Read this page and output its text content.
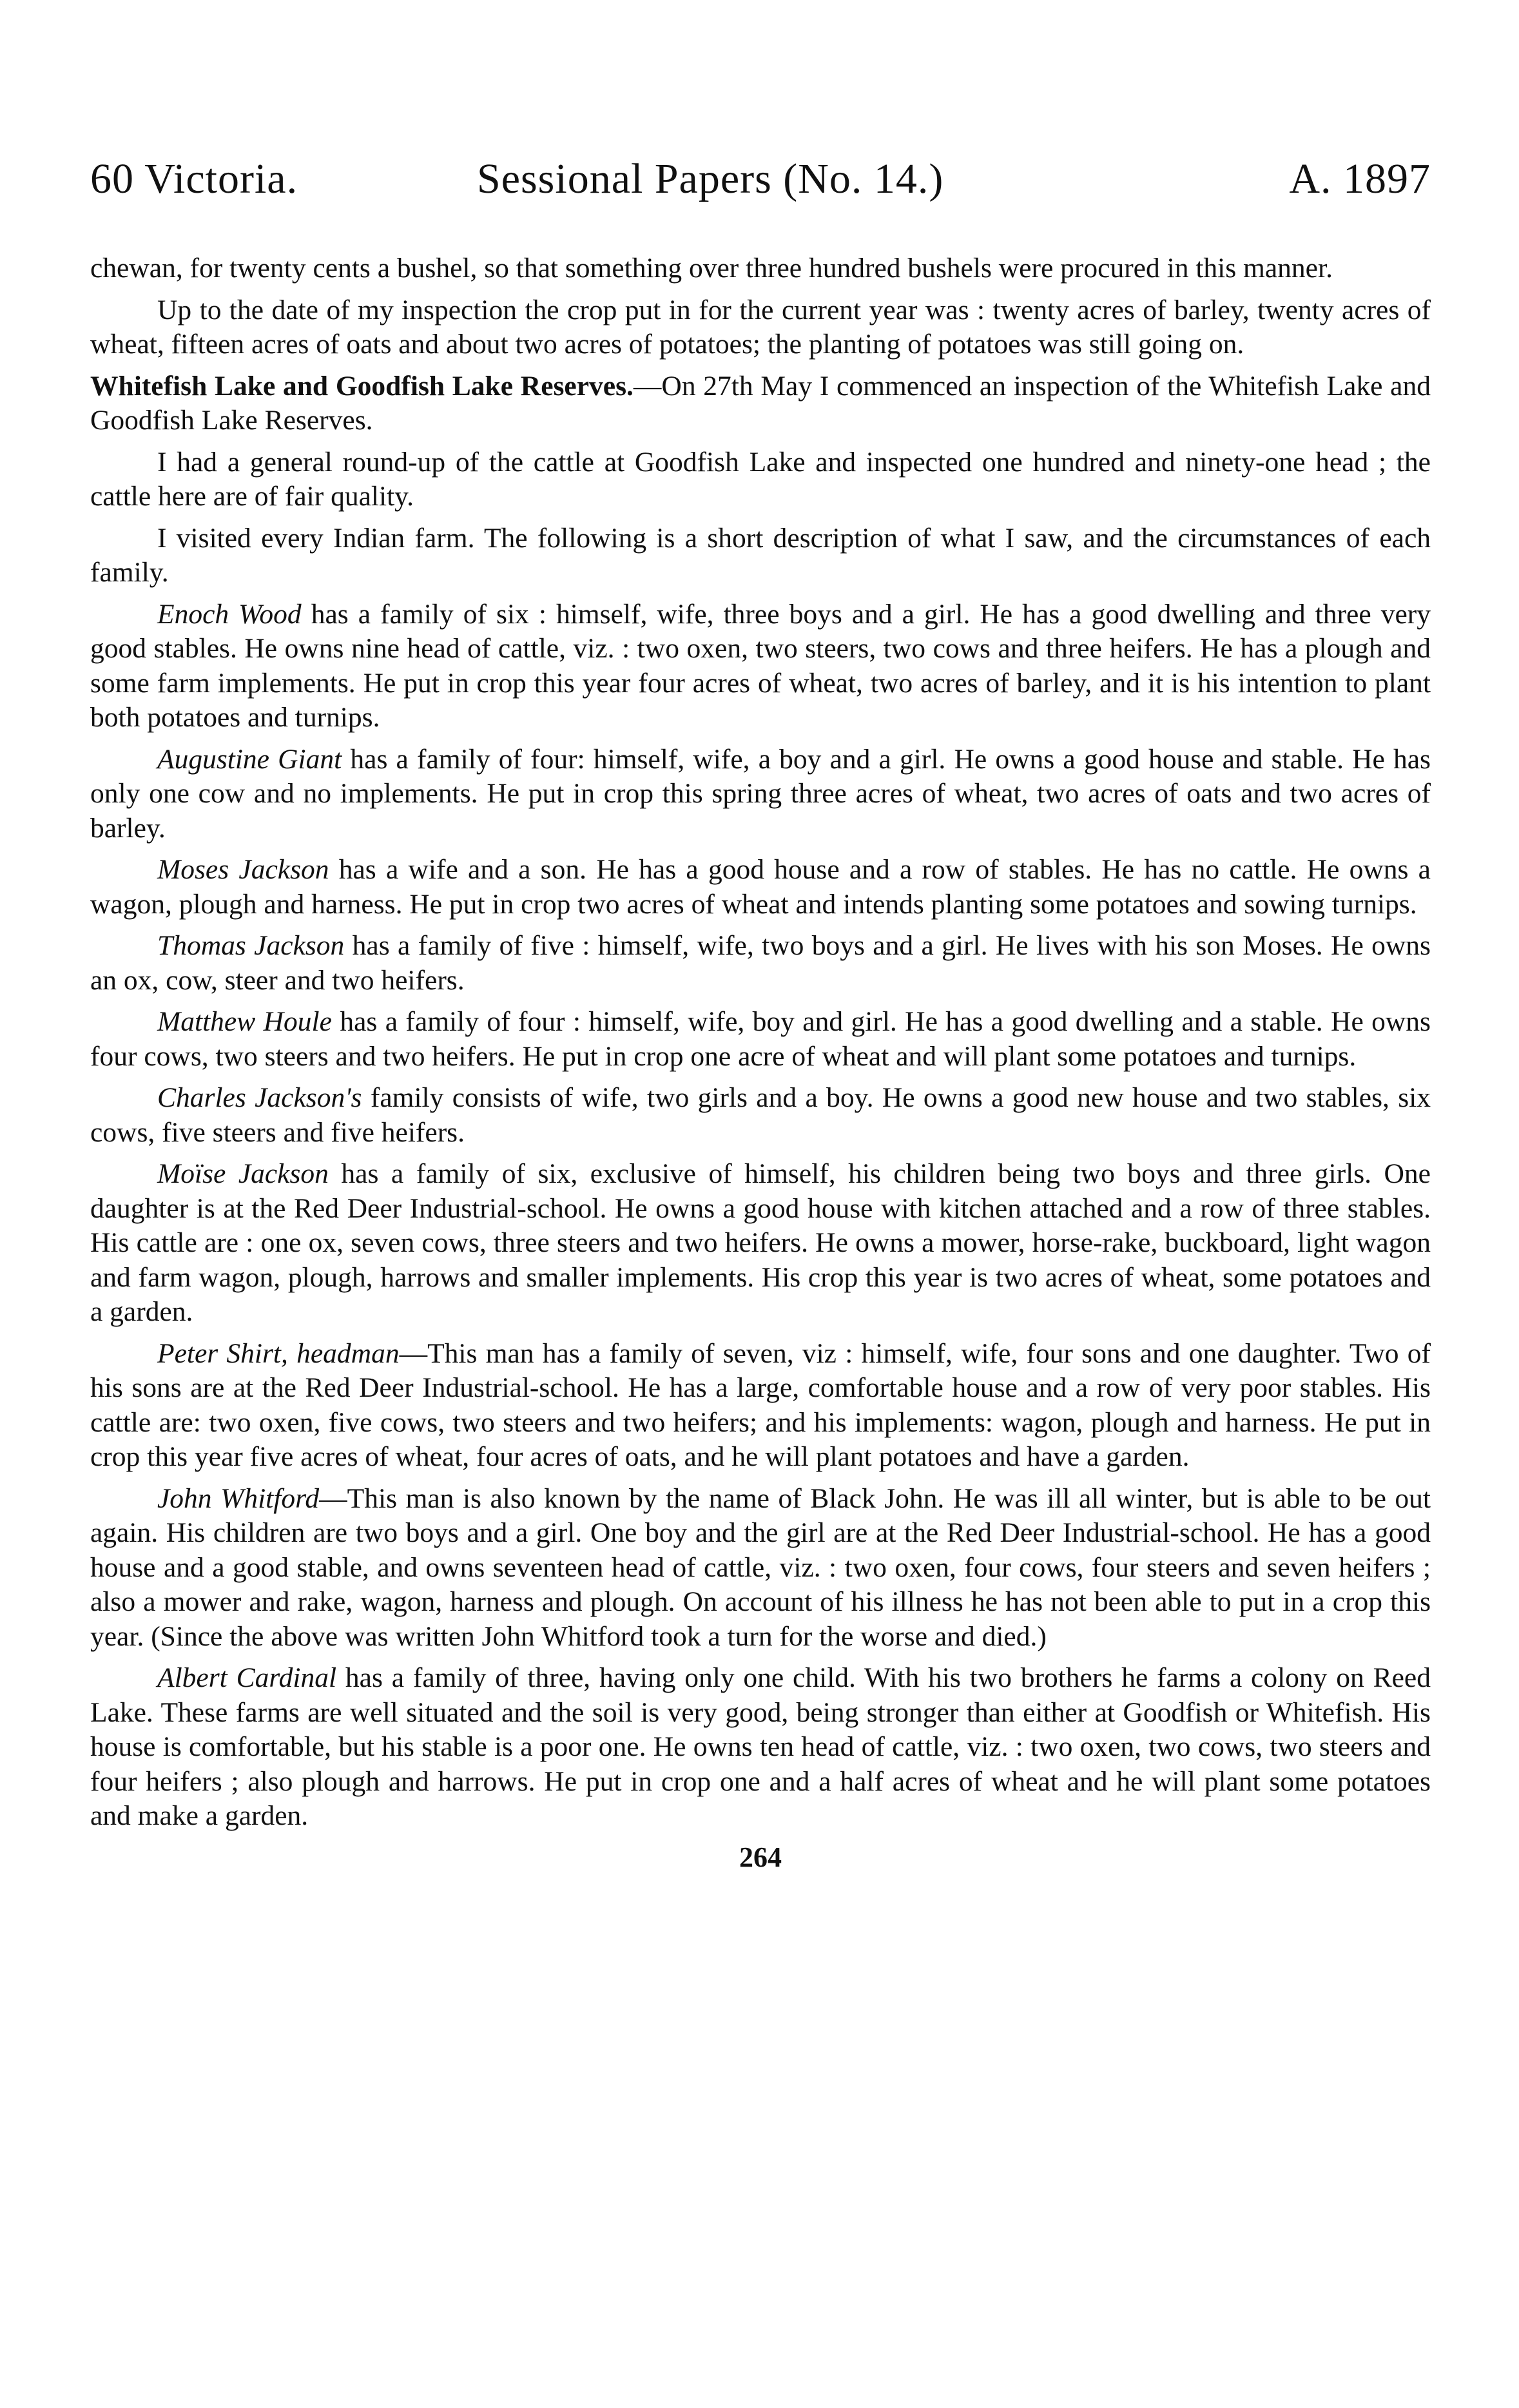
60 Victoria.	Sessional Papers (No. 14.)	A. 1897

chewan, for twenty cents a bushel, so that something over three hundred bushels were procured in this manner.

Up to the date of my inspection the crop put in for the current year was : twenty acres of barley, twenty acres of wheat, fifteen acres of oats and about two acres of potatoes; the planting of potatoes was still going on.

Whitefish Lake and Goodfish Lake Reserves.—On 27th May I commenced an inspection of the Whitefish Lake and Goodfish Lake Reserves.

I had a general round-up of the cattle at Goodfish Lake and inspected one hundred and ninety-one head ; the cattle here are of fair quality.

I visited every Indian farm. The following is a short description of what I saw, and the circumstances of each family.

Enoch Wood has a family of six : himself, wife, three boys and a girl. He has a good dwelling and three very good stables. He owns nine head of cattle, viz. : two oxen, two steers, two cows and three heifers. He has a plough and some farm implements. He put in crop this year four acres of wheat, two acres of barley, and it is his intention to plant both potatoes and turnips.

Augustine Giant has a family of four: himself, wife, a boy and a girl. He owns a good house and stable. He has only one cow and no implements. He put in crop this spring three acres of wheat, two acres of oats and two acres of barley.

Moses Jackson has a wife and a son. He has a good house and a row of stables. He has no cattle. He owns a wagon, plough and harness. He put in crop two acres of wheat and intends planting some potatoes and sowing turnips.

Thomas Jackson has a family of five : himself, wife, two boys and a girl. He lives with his son Moses. He owns an ox, cow, steer and two heifers.

Matthew Houle has a family of four : himself, wife, boy and girl. He has a good dwelling and a stable. He owns four cows, two steers and two heifers. He put in crop one acre of wheat and will plant some potatoes and turnips.

Charles Jackson's family consists of wife, two girls and a boy. He owns a good new house and two stables, six cows, five steers and five heifers.

Moïse Jackson has a family of six, exclusive of himself, his children being two boys and three girls. One daughter is at the Red Deer Industrial-school. He owns a good house with kitchen attached and a row of three stables. His cattle are : one ox, seven cows, three steers and two heifers. He owns a mower, horse-rake, buckboard, light wagon and farm wagon, plough, harrows and smaller implements. His crop this year is two acres of wheat, some potatoes and a garden.

Peter Shirt, headman—This man has a family of seven, viz : himself, wife, four sons and one daughter. Two of his sons are at the Red Deer Industrial-school. He has a large, comfortable house and a row of very poor stables. His cattle are: two oxen, five cows, two steers and two heifers; and his implements: wagon, plough and harness. He put in crop this year five acres of wheat, four acres of oats, and he will plant potatoes and have a garden.

John Whitford—This man is also known by the name of Black John. He was ill all winter, but is able to be out again. His children are two boys and a girl. One boy and the girl are at the Red Deer Industrial-school. He has a good house and a good stable, and owns seventeen head of cattle, viz. : two oxen, four cows, four steers and seven heifers ; also a mower and rake, wagon, harness and plough. On account of his illness he has not been able to put in a crop this year. (Since the above was written John Whitford took a turn for the worse and died.)

Albert Cardinal has a family of three, having only one child. With his two brothers he farms a colony on Reed Lake. These farms are well situated and the soil is very good, being stronger than either at Goodfish or Whitefish. His house is comfortable, but his stable is a poor one. He owns ten head of cattle, viz. : two oxen, two cows, two steers and four heifers ; also plough and harrows. He put in crop one and a half acres of wheat and he will plant some potatoes and make a garden.

264
